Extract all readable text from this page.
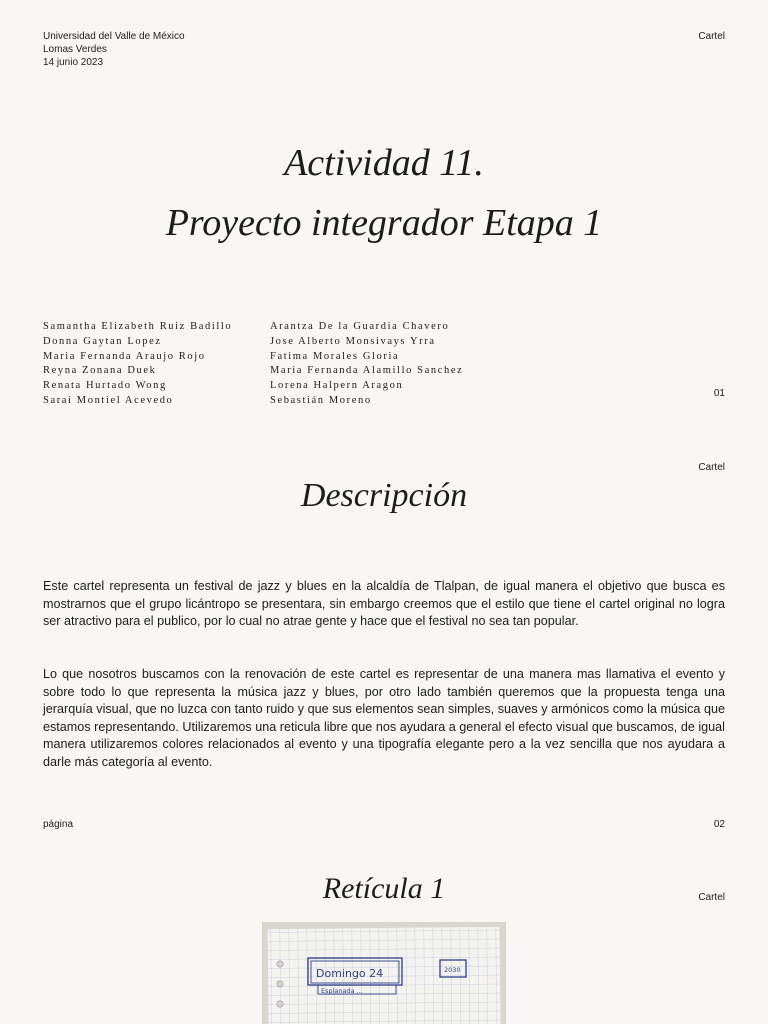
Universidad del Valle de México
Lomas Verdes
14 junio 2023
Cartel
Actividad 11.
Proyecto integrador Etapa 1
Samantha Elizabeth Ruiz Badillo
Donna Gaytan Lopez
Maria Fernanda Araujo Rojo
Reyna Zonana Duek
Renata Hurtado Wong
Sarai Montiel Acevedo
Arantza De la Guardia Chavero
Jose Alberto Monsivays Yrra
Fatima Morales Gloria
Maria Fernanda Alamillo Sanchez
Lorena Halpern Aragon
Sebastián Moreno
01
Cartel
Descripción

Este cartel representa un festival de jazz y blues en la alcaldía de Tlalpan, de igual manera el objetivo que busca es mostrarnos que el grupo licántropo se presentara, sin embargo creemos que el estilo que tiene el cartel original no logra ser atractivo para el publico, por lo cual no atrae gente y hace que el festival no sea tan popular.

Lo que nosotros buscamos con la renovación de este cartel es representar de una manera mas llamativa el evento y sobre todo lo que representa la música jazz y blues, por otro lado también queremos que la propuesta tenga una jerarquía visual, que no luzca con tanto ruido y que sus elementos sean simples, suaves y armónicos como la música que estamos representando. Utilizaremos una reticula libre que nos ayudara a general el efecto visual que buscamos, de igual manera utilizaremos colores relacionados al evento y una tipografía elegante pero a la vez sencilla que nos ayudara a darle más categoría al evento.

página	02
Retícula 1	Cartel
Domingo 24
Esplanada ...
2030
